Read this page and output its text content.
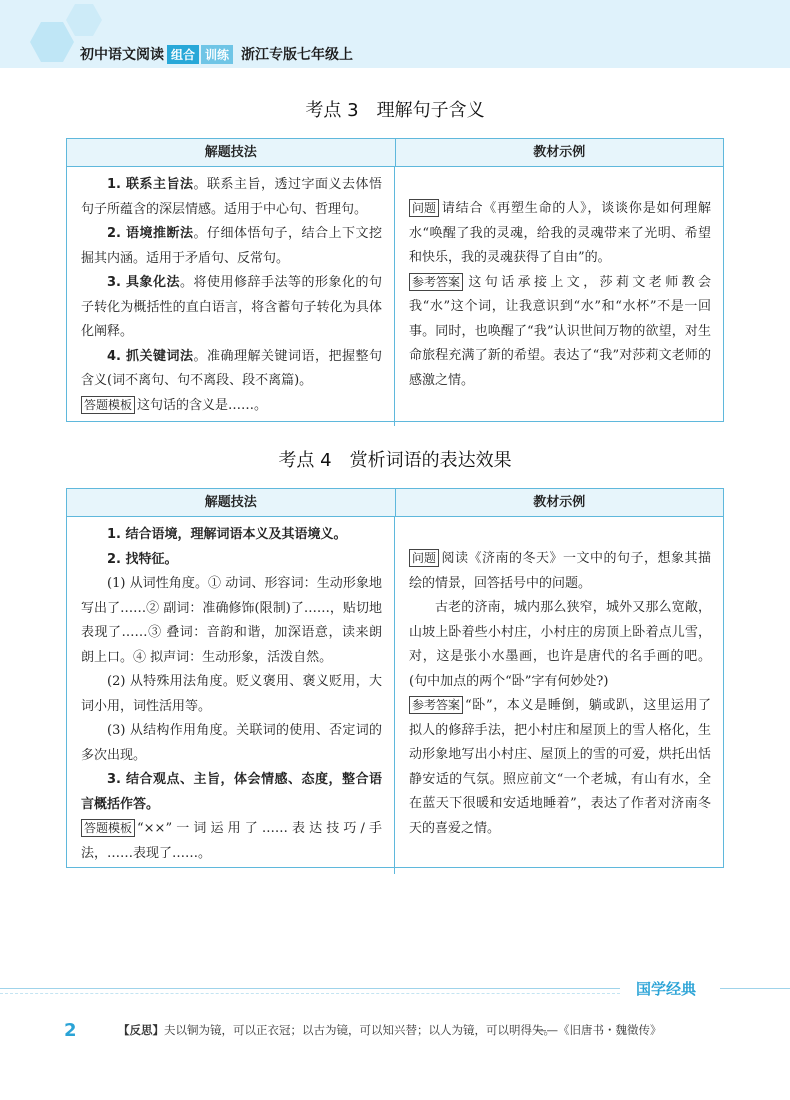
初中语文阅读 组合 训练 浙江专版七年级上
考点 3 理解句子含义
解题技法	教材示例

1. 联系主旨法。联系主旨，透过字面义去体悟句子所蕴含的深层情感。适用于中心句、哲理句。

2. 语境推断法。仔细体悟句子，结合上下文挖掘其内涵。适用于矛盾句、反常句。

3. 具象化法。将使用修辞手法等的形象化的句子转化为概括性的直白语言，将含蓄句子转化为具体化阐释。

4. 抓关键词法。准确理解关键词语，把握整句含义(词不离句、句不离段、段不离篇)。

答题模板 这句话的含义是……。

问题 请结合《再塑生命的人》，谈谈你是如何理解水“唤醒了我的灵魂，给我的灵魂带来了光明、希望和快乐，我的灵魂获得了自由”的。

参考答案 这句话承接上文，莎莉文老师教会我“水”这个词，让我意识到“水”和“水杯”不是一回事。同时，也唤醒了“我”认识世间万物的欲望，对生命旅程充满了新的希望。表达了“我”对莎莉文老师的感激之情。

考点 4 赏析词语的表达效果
解题技法	教材示例

1. 结合语境，理解词语本义及其语境义。

2. 找特征。

(1) 从词性角度。① 动词、形容词：生动形象地写出了……② 副词：准确修饰(限制)了……，贴切地表现了……③ 叠词：音韵和谐，加深语意，读来朗朗上口。④ 拟声词：生动形象，活泼自然。

(2) 从特殊用法角度。贬义褒用、褒义贬用，大词小用，词性活用等。

(3) 从结构作用角度。关联词的使用、否定词的多次出现。

3. 结合观点、主旨，体会情感、态度，整合语言概括作答。

答题模板 “××”一词运用了……表达技巧/手法，……表现了……。

问题 阅读《济南的冬天》一文中的句子，想象其描绘的情景，回答括号中的问题。

古老的济南，城内那么狭窄，城外又那么宽敞，山坡上卧着些小村庄，小村庄的房顶上卧着点儿雪，对，这是张小水墨画，也许是唐代的名手画的吧。(句中加点的两个“卧”字有何妙处?)

参考答案 “卧”，本义是睡倒，躺或趴，这里运用了拟人的修辞手法，把小村庄和屋顶上的雪人格化，生动形象地写出小村庄、屋顶上的雪的可爱，烘托出恬静安适的气氛。照应前文“一个老城，有山有水，全在蓝天下很暖和安适地睡着”，表达了作者对济南冬天的喜爱之情。

国学经典
2	【反思】夫以铜为镜，可以正衣冠；以古为镜，可以知兴替；以人为镜，可以明得失。
——《旧唐书・魏徵传》
